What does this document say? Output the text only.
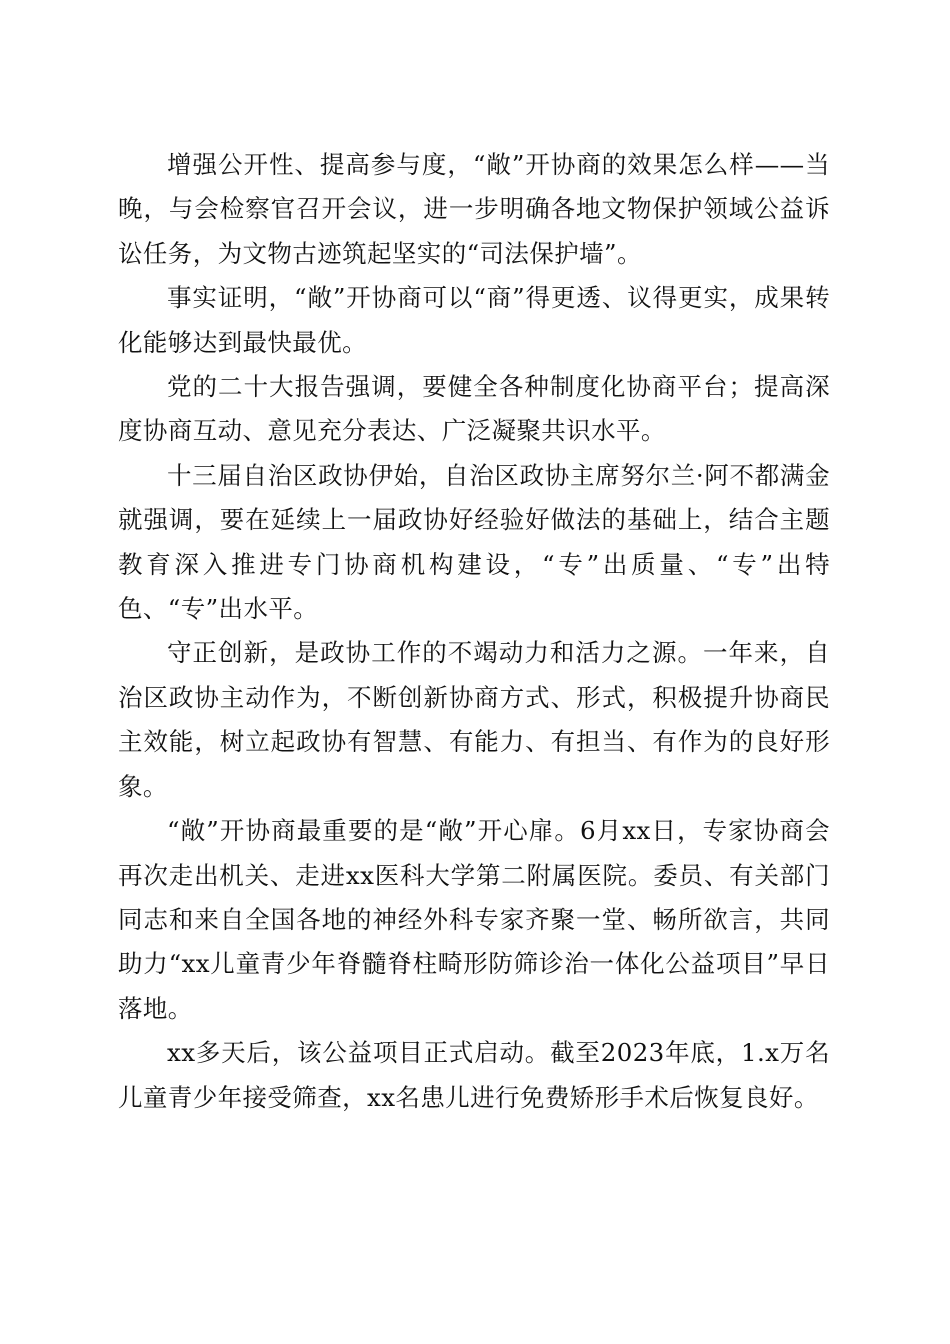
增强公开性、提高参与度，“敞”开协商的效果怎么样——当晚，与会检察官召开会议，进一步明确各地文物保护领域公益诉讼任务，为文物古迹筑起坚实的“司法保护墙”。

事实证明，“敞”开协商可以“商”得更透、议得更实，成果转化能够达到最快最优。

党的二十大报告强调，要健全各种制度化协商平台；提高深度协商互动、意见充分表达、广泛凝聚共识水平。

十三届自治区政协伊始，自治区政协主席努尔兰·阿不都满金就强调，要在延续上一届政协好经验好做法的基础上，结合主题教育深入推进专门协商机构建设，“专”出质量、“专”出特色、“专”出水平。

守正创新，是政协工作的不竭动力和活力之源。一年来，自治区政协主动作为，不断创新协商方式、形式，积极提升协商民主效能，树立起政协有智慧、有能力、有担当、有作为的良好形象。

“敞”开协商最重要的是“敞”开心扉。6月xx日，专家协商会再次走出机关、走进xx医科大学第二附属医院。委员、有关部门同志和来自全国各地的神经外科专家齐聚一堂、畅所欲言，共同助力“xx儿童青少年脊髓脊柱畸形防筛诊治一体化公益项目”早日落地。

xx多天后，该公益项目正式启动。截至2023年底，1.x万名儿童青少年接受筛查，xx名患儿进行免费矫形手术后恢复良好。
